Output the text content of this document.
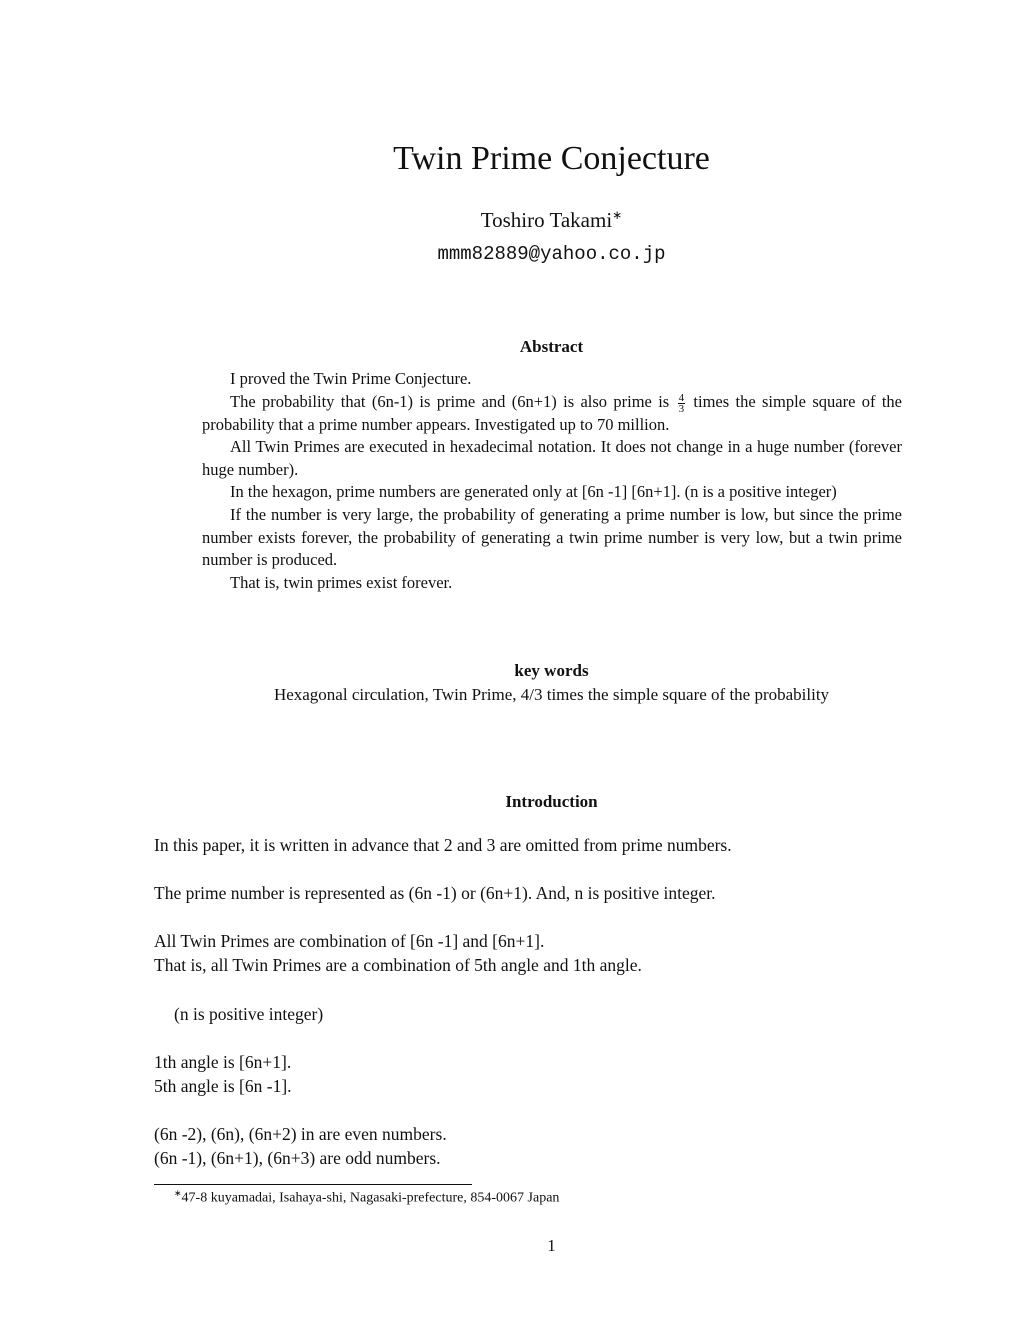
Twin Prime Conjecture
Toshiro Takami∗
mmm82889@yahoo.co.jp
Abstract

I proved the Twin Prime Conjecture.

The probability that (6n-1) is prime and (6n+1) is also prime is $\frac{4}{3}$ times the simple square of the probability that a prime number appears. Investigated up to 70 million.

All Twin Primes are executed in hexadecimal notation. It does not change in a huge number (forever huge number).

In the hexagon, prime numbers are generated only at [6n -1] [6n+1]. (n is a positive integer)

If the number is very large, the probability of generating a prime number is low, but since the prime number exists forever, the probability of generating a twin prime number is very low, but a twin prime number is produced.

That is, twin primes exist forever.

key words
Hexagonal circulation, Twin Prime, 4/3 times the simple square of the probability
Introduction
In this paper, it is written in advance that 2 and 3 are omitted from prime numbers.
The prime number is represented as (6n -1) or (6n+1). And, n is positive integer.
All Twin Primes are combination of [6n -1] and [6n+1].
That is, all Twin Primes are a combination of 5th angle and 1th angle.
(n is positive integer)
1th angle is [6n+1].
5th angle is [6n -1].
(6n -2), (6n), (6n+2) in are even numbers.
(6n -1), (6n+1), (6n+3) are odd numbers.
∗47-8 kuyamadai, Isahaya-shi, Nagasaki-prefecture, 854-0067 Japan
1
